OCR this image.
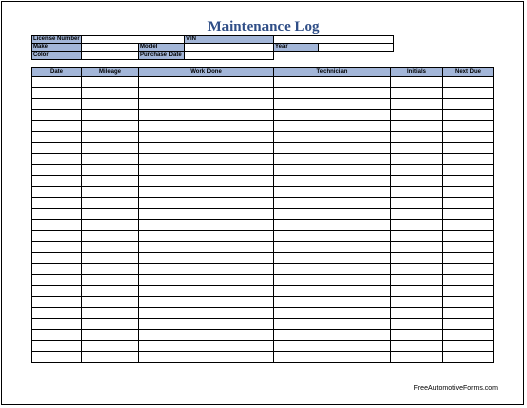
Maintenance Log
License Number			VIN		
Make		Model		Year	
Color		Purchase Date			
Date	Mileage	Work Done	Technician	Initials	Next Due

FreeAutomotiveForms.com
